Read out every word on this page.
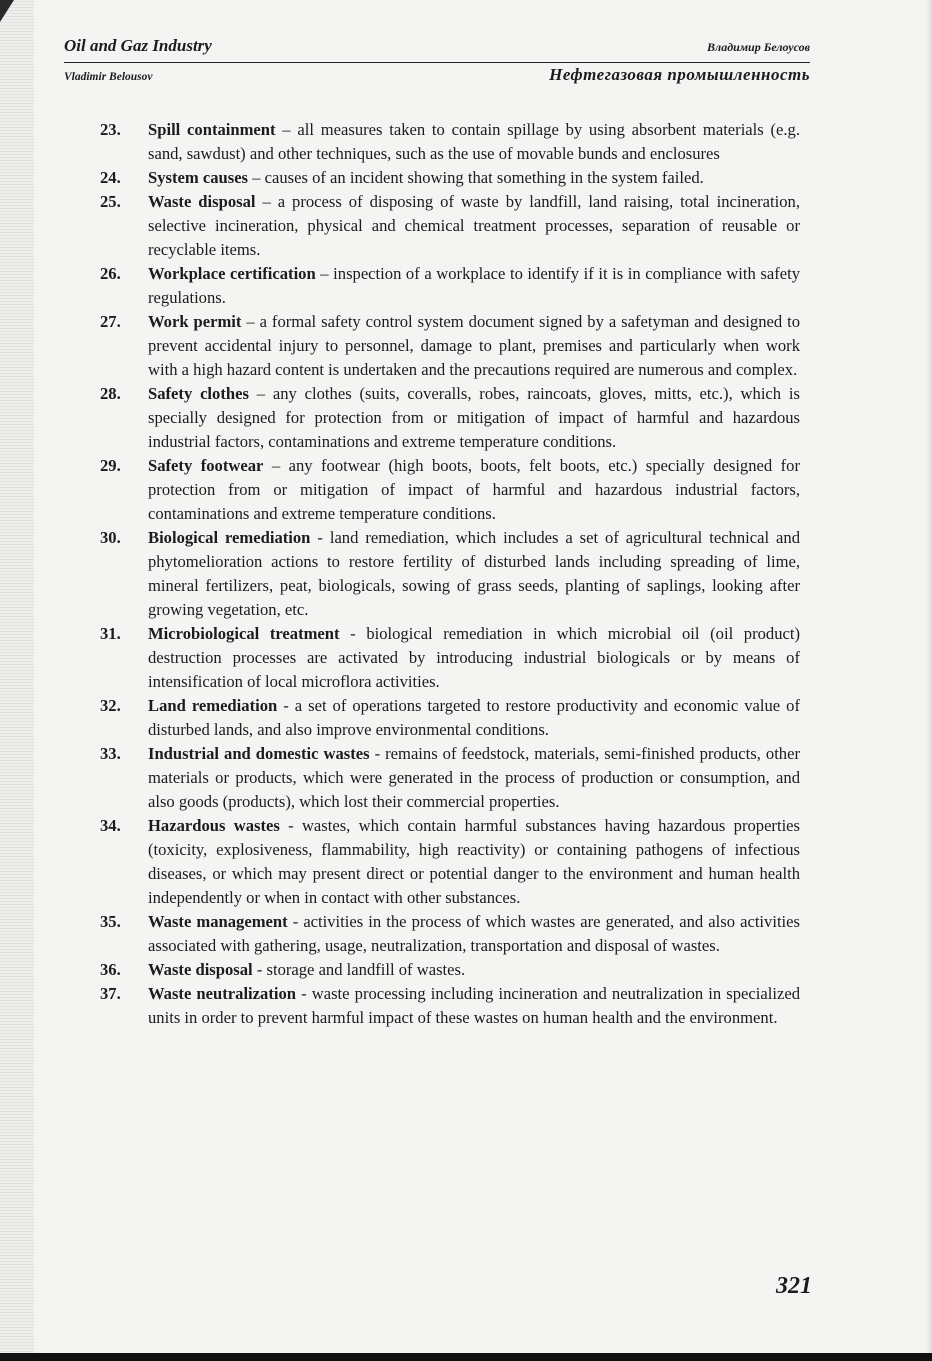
Oil and Gaz Industry	Владимир Белоусов
Vladimir Belousov	Нефтегазовая промышленность
23.	Spill containment – all measures taken to contain spillage by using absorbent materials (e.g. sand, sawdust) and other techniques, such as the use of movable bunds and enclosures
24.	System causes – causes of an incident showing that something in the system failed.
25.	Waste disposal – a process of disposing of waste by landfill, land raising, total incineration, selective incineration, physical and chemical treatment processes, separation of reusable or recyclable items.
26.	Workplace certification – inspection of a workplace to identify if it is in compliance with safety regulations.
27.	Work permit – a formal safety control system document signed by a safetyman and designed to prevent accidental injury to personnel, damage to plant, premises and particularly when work with a high hazard content is undertaken and the precautions required are numerous and complex.
28.	Safety clothes – any clothes (suits, coveralls, robes, raincoats, gloves, mitts, etc.), which is specially designed for protection from or mitigation of impact of harmful and hazardous industrial factors, contaminations and extreme temperature conditions.
29.	Safety footwear – any footwear (high boots, boots, felt boots, etc.) specially designed for protection from or mitigation of impact of harmful and hazardous industrial factors, contaminations and extreme temperature conditions.
30.	Biological remediation - land remediation, which includes a set of agricultural technical and phytomelioration actions to restore fertility of disturbed lands including spreading of lime, mineral fertilizers, peat, biologicals, sowing of grass seeds, planting of saplings, looking after growing vegetation, etc.
31.	Microbiological treatment - biological remediation in which microbial oil (oil product) destruction processes are activated by introducing industrial biologicals or by means of intensification of local microflora activities.
32.	Land remediation - a set of operations targeted to restore productivity and economic value of disturbed lands, and also improve environmental conditions.
33.	Industrial and domestic wastes - remains of feedstock, materials, semi-finished products, other materials or products, which were generated in the process of production or consumption, and also goods (products), which lost their commercial properties.
34.	Hazardous wastes - wastes, which contain harmful substances having hazardous properties (toxicity, explosiveness, flammability, high reactivity) or containing pathogens of infectious diseases, or which may present direct or potential danger to the environment and human health independently or when in contact with other substances.
35.	Waste management - activities in the process of which wastes are generated, and also activities associated with gathering, usage, neutralization, transportation and disposal of wastes.
36.	Waste disposal - storage and landfill of wastes.
37.	Waste neutralization - waste processing including incineration and neutralization in specialized units in order to prevent harmful impact of these wastes on human health and the environment.
321
